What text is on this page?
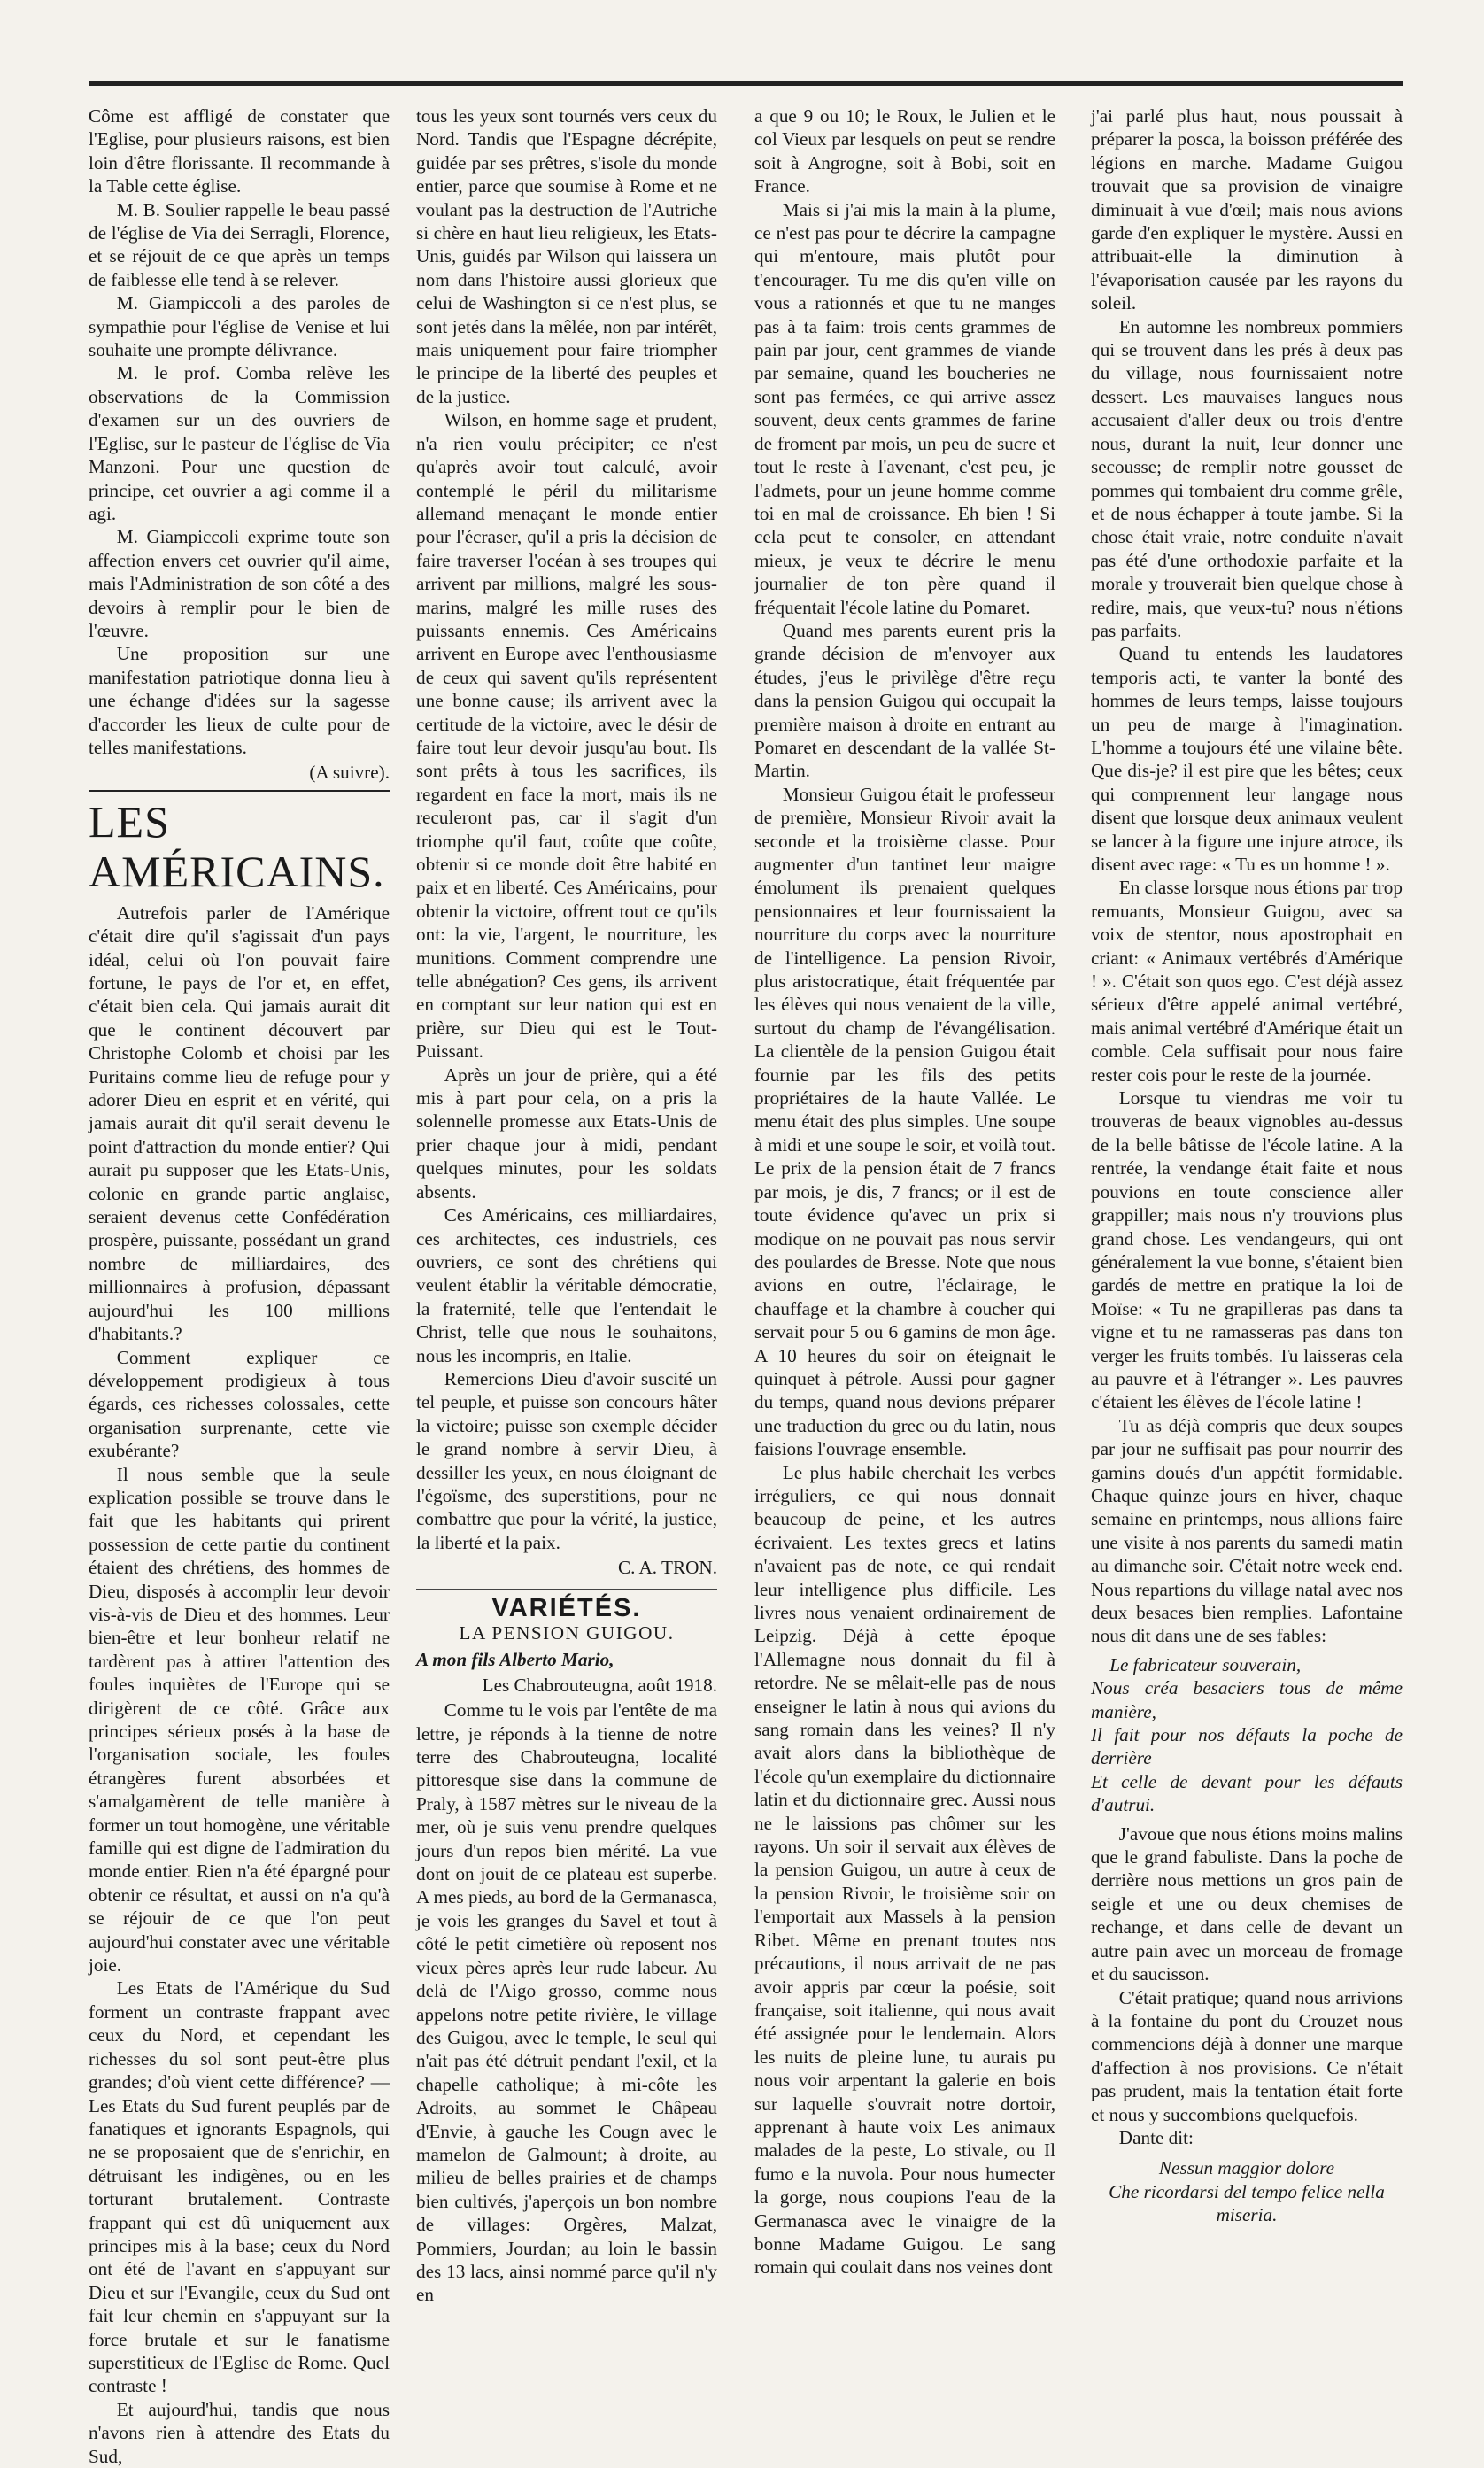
Côme est affligé de constater que l'Eglise, pour plusieurs raisons, est bien loin d'être florissante. Il recommande à la Table cette église.

M. B. Soulier rappelle le beau passé de l'église de Via dei Serragli, Florence, et se réjouit de ce que après un temps de faiblesse elle tend à se relever.

M. Giampiccoli a des paroles de sympathie pour l'église de Venise et lui souhaite une prompte délivrance.

M. le prof. Comba relève les observations de la Commission d'examen sur un des ouvriers de l'Eglise, sur le pasteur de l'église de Via Manzoni. Pour une question de principe, cet ouvrier a agi comme il a agi.

M. Giampiccoli exprime toute son affection envers cet ouvrier qu'il aime, mais l'Administration de son côté a des devoirs à remplir pour le bien de l'œuvre.

Une proposition sur une manifestation patriotique donna lieu à une échange d'idées sur la sagesse d'accorder les lieux de culte pour de telles manifestations.

(A suivre).
LES AMÉRICAINS.

Autrefois parler de l'Amérique c'était dire qu'il s'agissait d'un pays idéal, celui où l'on pouvait faire fortune, le pays de l'or et, en effet, c'était bien cela. Qui jamais aurait dit que le continent découvert par Christophe Colomb et choisi par les Puritains comme lieu de refuge pour y adorer Dieu en esprit et en vérité, qui jamais aurait dit qu'il serait devenu le point d'attraction du monde entier? Qui aurait pu supposer que les Etats-Unis, colonie en grande partie anglaise, seraient devenus cette Confédération prospère, puissante, possédant un grand nombre de milliardaires, des millionnaires à profusion, dépassant aujourd'hui les 100 millions d'habitants.?

Comment expliquer ce développement prodigieux à tous égards, ces richesses colossales, cette organisation surprenante, cette vie exubérante?

Il nous semble que la seule explication possible se trouve dans le fait que les habitants qui prirent possession de cette partie du continent étaient des chrétiens, des hommes de Dieu, disposés à accomplir leur devoir vis-à-vis de Dieu et des hommes. Leur bien-être et leur bonheur relatif ne tardèrent pas à attirer l'attention des foules inquiètes de l'Europe qui se dirigèrent de ce côté. Grâce aux principes sérieux posés à la base de l'organisation sociale, les foules étrangères furent absorbées et s'amalgamèrent de telle manière à former un tout homogène, une véritable famille qui est digne de l'admiration du monde entier. Rien n'a été épargné pour obtenir ce résultat, et aussi on n'a qu'à se réjouir de ce que l'on peut aujourd'hui constater avec une véritable joie.

Les Etats de l'Amérique du Sud forment un contraste frappant avec ceux du Nord, et cependant les richesses du sol sont peut-être plus grandes; d'où vient cette différence? — Les Etats du Sud furent peuplés par de fanatiques et ignorants Espagnols, qui ne se proposaient que de s'enrichir, en détruisant les indigènes, ou en les torturant brutalement. Contraste frappant qui est dû uniquement aux principes mis à la base; ceux du Nord ont été de l'avant en s'appuyant sur Dieu et sur l'Evangile, ceux du Sud ont fait leur chemin en s'appuyant sur la force brutale et sur le fanatisme superstitieux de l'Eglise de Rome. Quel contraste !

Et aujourd'hui, tandis que nous n'avons rien à attendre des Etats du Sud,

tous les yeux sont tournés vers ceux du Nord. Tandis que l'Espagne décrépite, guidée par ses prêtres, s'isole du monde entier, parce que soumise à Rome et ne voulant pas la destruction de l'Autriche si chère en haut lieu religieux, les Etats-Unis, guidés par Wilson qui laissera un nom dans l'histoire aussi glorieux que celui de Washington si ce n'est plus, se sont jetés dans la mêlée, non par intérêt, mais uniquement pour faire triompher le principe de la liberté des peuples et de la justice.

Wilson, en homme sage et prudent, n'a rien voulu précipiter; ce n'est qu'après avoir tout calculé, avoir contemplé le péril du militarisme allemand menaçant le monde entier pour l'écraser, qu'il a pris la décision de faire traverser l'océan à ses troupes qui arrivent par millions, malgré les sous-marins, malgré les mille ruses des puissants ennemis. Ces Américains arrivent en Europe avec l'enthousiasme de ceux qui savent qu'ils représentent une bonne cause; ils arrivent avec la certitude de la victoire, avec le désir de faire tout leur devoir jusqu'au bout. Ils sont prêts à tous les sacrifices, ils regardent en face la mort, mais ils ne reculeront pas, car il s'agit d'un triomphe qu'il faut, coûte que coûte, obtenir si ce monde doit être habité en paix et en liberté. Ces Américains, pour obtenir la victoire, offrent tout ce qu'ils ont: la vie, l'argent, le nourriture, les munitions. Comment comprendre une telle abnégation? Ces gens, ils arrivent en comptant sur leur nation qui est en prière, sur Dieu qui est le Tout-Puissant.

Après un jour de prière, qui a été mis à part pour cela, on a pris la solennelle promesse aux Etats-Unis de prier chaque jour à midi, pendant quelques minutes, pour les soldats absents.

Ces Américains, ces milliardaires, ces architectes, ces industriels, ces ouvriers, ce sont des chrétiens qui veulent établir la véritable démocratie, la fraternité, telle que l'entendait le Christ, telle que nous le souhaitons, nous les incompris, en Italie.

Remercions Dieu d'avoir suscité un tel peuple, et puisse son concours hâter la victoire; puisse son exemple décider le grand nombre à servir Dieu, à dessiller les yeux, en nous éloignant de l'égoïsme, des superstitions, pour ne combattre que pour la vérité, la justice, la liberté et la paix.

C. A. TRON.
VARIÉTÉS.
LA PENSION GUIGOU.
A mon fils Alberto Mario,
Les Chabrouteugna, août 1918.

Comme tu le vois par l'entête de ma lettre, je réponds à la tienne de notre terre des Chabrouteugna, localité pittoresque sise dans la commune de Praly, à 1587 mètres sur le niveau de la mer, où je suis venu prendre quelques jours d'un repos bien mérité. La vue dont on jouit de ce plateau est superbe. A mes pieds, au bord de la Germanasca, je vois les granges du Savel et tout à côté le petit cimetière où reposent nos vieux pères après leur rude labeur. Au delà de l'Aigo grosso, comme nous appelons notre petite rivière, le village des Guigou, avec le temple, le seul qui n'ait pas été détruit pendant l'exil, et la chapelle catholique; à mi-côte les Adroits, au sommet le Châpeau d'Envie, à gauche les Cougn avec le mamelon de Galmount; à droite, au milieu de belles prairies et de champs bien cultivés, j'aperçois un bon nombre de villages: Orgères, Malzat, Pommiers, Jourdan; au loin le bassin des 13 lacs, ainsi nommé parce qu'il n'y en

a que 9 ou 10; le Roux, le Julien et le col Vieux par lesquels on peut se rendre soit à Angrogne, soit à Bobi, soit en France.

Mais si j'ai mis la main à la plume, ce n'est pas pour te décrire la campagne qui m'entoure, mais plutôt pour t'encourager. Tu me dis qu'en ville on vous a rationnés et que tu ne manges pas à ta faim: trois cents grammes de pain par jour, cent grammes de viande par semaine, quand les boucheries ne sont pas fermées, ce qui arrive assez souvent, deux cents grammes de farine de froment par mois, un peu de sucre et tout le reste à l'avenant, c'est peu, je l'admets, pour un jeune homme comme toi en mal de croissance. Eh bien ! Si cela peut te consoler, en attendant mieux, je veux te décrire le menu journalier de ton père quand il fréquentait l'école latine du Pomaret.

Quand mes parents eurent pris la grande décision de m'envoyer aux études, j'eus le privilège d'être reçu dans la pension Guigou qui occupait la première maison à droite en entrant au Pomaret en descendant de la vallée St-Martin.

Monsieur Guigou était le professeur de première, Monsieur Rivoir avait la seconde et la troisième classe. Pour augmenter d'un tantinet leur maigre émolument ils prenaient quelques pensionnaires et leur fournissaient la nourriture du corps avec la nourriture de l'intelligence. La pension Rivoir, plus aristocratique, était fréquentée par les élèves qui nous venaient de la ville, surtout du champ de l'évangélisation. La clientèle de la pension Guigou était fournie par les fils des petits propriétaires de la haute Vallée. Le menu était des plus simples. Une soupe à midi et une soupe le soir, et voilà tout. Le prix de la pension était de 7 francs par mois, je dis, 7 francs; or il est de toute évidence qu'avec un prix si modique on ne pouvait pas nous servir des poulardes de Bresse. Note que nous avions en outre, l'éclairage, le chauffage et la chambre à coucher qui servait pour 5 ou 6 gamins de mon âge. A 10 heures du soir on éteignait le quinquet à pétrole. Aussi pour gagner du temps, quand nous devions préparer une traduction du grec ou du latin, nous faisions l'ouvrage ensemble.

Le plus habile cherchait les verbes irréguliers, ce qui nous donnait beaucoup de peine, et les autres écrivaient. Les textes grecs et latins n'avaient pas de note, ce qui rendait leur intelligence plus difficile. Les livres nous venaient ordinairement de Leipzig. Déjà à cette époque l'Allemagne nous donnait du fil à retordre. Ne se mêlait-elle pas de nous enseigner le latin à nous qui avions du sang romain dans les veines? Il n'y avait alors dans la bibliothèque de l'école qu'un exemplaire du dictionnaire latin et du dictionnaire grec. Aussi nous ne le laissions pas chômer sur les rayons. Un soir il servait aux élèves de la pension Guigou, un autre à ceux de la pension Rivoir, le troisième soir on l'emportait aux Massels à la pension Ribet. Même en prenant toutes nos précautions, il nous arrivait de ne pas avoir appris par cœur la poésie, soit française, soit italienne, qui nous avait été assignée pour le lendemain. Alors les nuits de pleine lune, tu aurais pu nous voir arpentant la galerie en bois sur laquelle s'ouvrait notre dortoir, apprenant à haute voix Les animaux malades de la peste, Lo stivale, ou Il fumo e la nuvola. Pour nous humecter la gorge, nous coupions l'eau de la Germanasca avec le vinaigre de la bonne Madame Guigou. Le sang romain qui coulait dans nos veines dont

j'ai parlé plus haut, nous poussait à préparer la posca, la boisson préférée des légions en marche. Madame Guigou trouvait que sa provision de vinaigre diminuait à vue d'œil; mais nous avions garde d'en expliquer le mystère. Aussi en attribuait-elle la diminution à l'évaporisation causée par les rayons du soleil.

En automne les nombreux pommiers qui se trouvent dans les prés à deux pas du village, nous fournissaient notre dessert. Les mauvaises langues nous accusaient d'aller deux ou trois d'entre nous, durant la nuit, leur donner une secousse; de remplir notre gousset de pommes qui tombaient dru comme grêle, et de nous échapper à toute jambe. Si la chose était vraie, notre conduite n'avait pas été d'une orthodoxie parfaite et la morale y trouverait bien quelque chose à redire, mais, que veux-tu? nous n'étions pas parfaits.

Quand tu entends les laudatores temporis acti, te vanter la bonté des hommes de leurs temps, laisse toujours un peu de marge à l'imagination. L'homme a toujours été une vilaine bête. Que dis-je? il est pire que les bêtes; ceux qui comprennent leur langage nous disent que lorsque deux animaux veulent se lancer à la figure une injure atroce, ils disent avec rage: « Tu es un homme ! ».

En classe lorsque nous étions par trop remuants, Monsieur Guigou, avec sa voix de stentor, nous apostrophait en criant: « Animaux vertébrés d'Amérique ! ». C'était son quos ego. C'est déjà assez sérieux d'être appelé animal vertébré, mais animal vertébré d'Amérique était un comble. Cela suffisait pour nous faire rester cois pour le reste de la journée.

Lorsque tu viendras me voir tu trouveras de beaux vignobles au-dessus de la belle bâtisse de l'école latine. A la rentrée, la vendange était faite et nous pouvions en toute conscience aller grappiller; mais nous n'y trouvions plus grand chose. Les vendangeurs, qui ont généralement la vue bonne, s'étaient bien gardés de mettre en pratique la loi de Moïse: « Tu ne grapilleras pas dans ta vigne et tu ne ramasseras pas dans ton verger les fruits tombés. Tu laisseras cela au pauvre et à l'étranger ». Les pauvres c'étaient les élèves de l'école latine !

Tu as déjà compris que deux soupes par jour ne suffisait pas pour nourrir des gamins doués d'un appétit formidable. Chaque quinze jours en hiver, chaque semaine en printemps, nous allions faire une visite à nos parents du samedi matin au dimanche soir. C'était notre week end. Nous repartions du village natal avec nos deux besaces bien remplies. Lafontaine nous dit dans une de ses fables:

Le fabricateur souverain,
Nous créa besaciers tous de même manière,
Il fait pour nos défauts la poche de derrière
Et celle de devant pour les défauts d'autrui.

J'avoue que nous étions moins malins que le grand fabuliste. Dans la poche de derrière nous mettions un gros pain de seigle et une ou deux chemises de rechange, et dans celle de devant un autre pain avec un morceau de fromage et du saucisson.

C'était pratique; quand nous arrivions à la fontaine du pont du Crouzet nous commencions déjà à donner une marque d'affection à nos provisions. Ce n'était pas prudent, mais la tentation était forte et nous y succombions quelquefois.

Dante dit:

Nessun maggior dolore
Che ricordarsi del tempo felice nella miseria.
